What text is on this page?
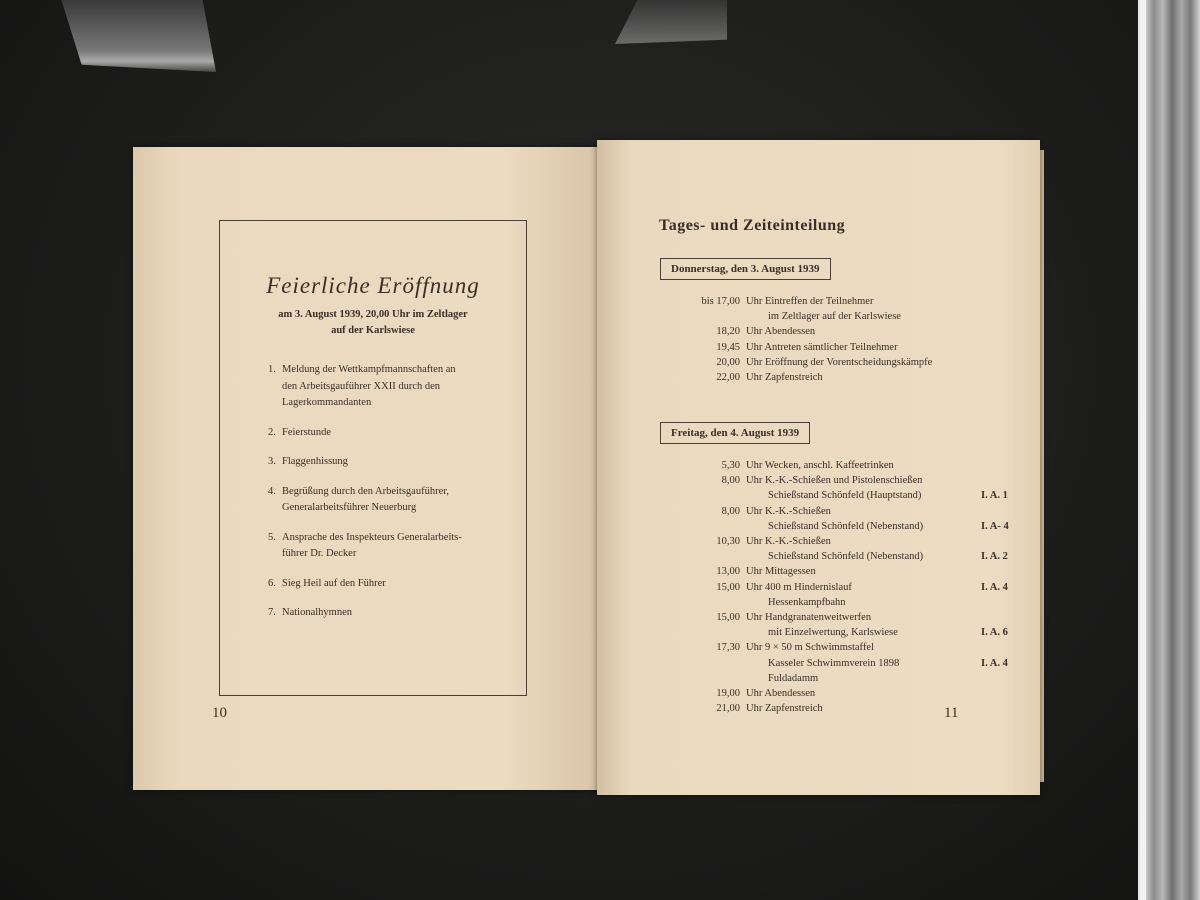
Feierliche Eröffnung
am 3. August 1939, 20,00 Uhr im Zeltlager
auf der Karlswiese
1. Meldung der Wettkampfmannschaften an
den Arbeitsgauführer XXII durch den
Lagerkommandanten
2. Feierstunde
3. Flaggenhissung
4. Begrüßung durch den Arbeitsgauführer,
Generalarbeitsführer Neuerburg
5. Ansprache des Inspekteurs Generalarbeits-
führer Dr. Decker
6. Sieg Heil auf den Führer
7. Nationalhymnen
10
Tages- und Zeiteinteilung
Donnerstag, den 3. August 1939
bis 17,00 Uhr Eintreffen der Teilnehmer
im Zeltlager auf der Karlswiese
18,20 Uhr Abendessen
19,45 Uhr Antreten sämtlicher Teilnehmer
20,00 Uhr Eröffnung der Vorentscheidungskämpfe
22,00 Uhr Zapfenstreich
Freitag, den 4. August 1939
5,30 Uhr Wecken, anschl. Kaffeetrinken
8,00 Uhr K.-K.-Schießen und Pistolenschießen
Schießstand Schönfeld (Hauptstand)	I. A. 1
8,00 Uhr K.-K.-Schießen
Schießstand Schönfeld (Nebenstand)	I. A- 4
10,30 Uhr K.-K.-Schießen
Schießstand Schönfeld (Nebenstand)	I. A. 2
13,00 Uhr Mittagessen
15,00 Uhr 400 m Hindernislauf	I. A. 4
Hessenkampfbahn
15,00 Uhr Handgranatenweitwerfen
mit Einzelwertung, Karlswiese	I. A. 6
17,30 Uhr 9 × 50 m Schwimmstaffel
Kasseler Schwimmverein 1898	I. A. 4
Fuldadamm
19,00 Uhr Abendessen
21,00 Uhr Zapfenstreich	11
